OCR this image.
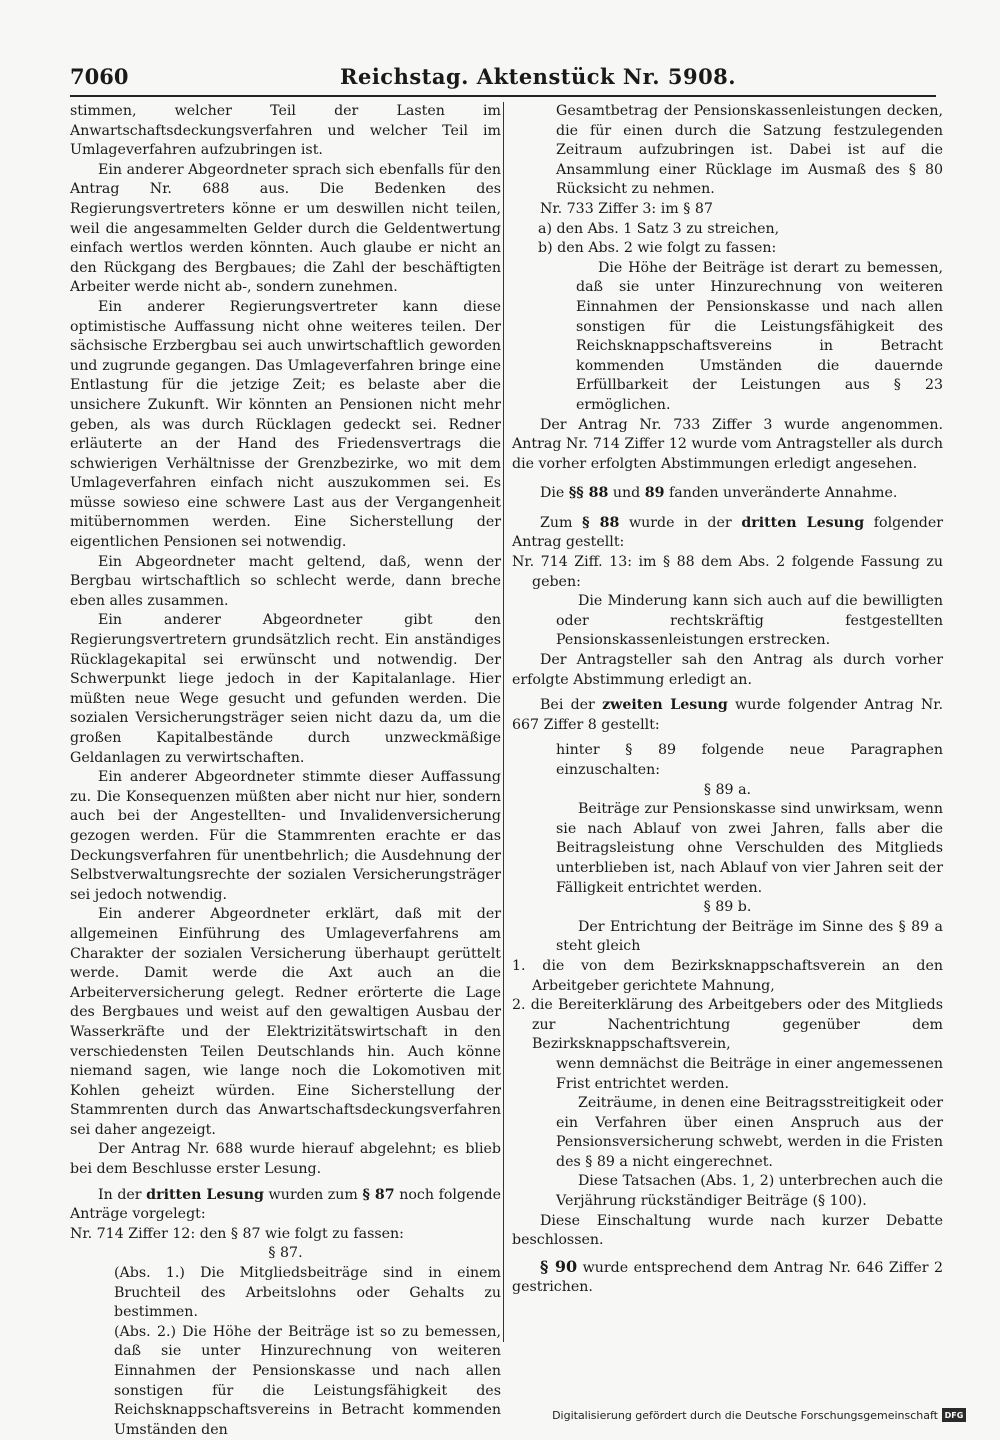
7060	Reichstag. Aktenstück Nr. 5908.

stimmen, welcher Teil der Lasten im Anwartschaftsdeckungsverfahren und welcher Teil im Umlageverfahren aufzubringen ist.

Ein anderer Abgeordneter sprach sich ebenfalls für den Antrag Nr. 688 aus. Die Bedenken des Regierungsvertreters könne er um deswillen nicht teilen, weil die angesammelten Gelder durch die Geldentwertung einfach wertlos werden könnten. Auch glaube er nicht an den Rückgang des Bergbaues; die Zahl der beschäftigten Arbeiter werde nicht ab-, sondern zunehmen.

Ein anderer Regierungsvertreter kann diese optimistische Auffassung nicht ohne weiteres teilen. Der sächsische Erzbergbau sei auch unwirtschaftlich geworden und zugrunde gegangen. Das Umlageverfahren bringe eine Entlastung für die jetzige Zeit; es belaste aber die unsichere Zukunft. Wir könnten an Pensionen nicht mehr geben, als was durch Rücklagen gedeckt sei. Redner erläuterte an der Hand des Friedensvertrags die schwierigen Verhältnisse der Grenzbezirke, wo mit dem Umlageverfahren einfach nicht auszukommen sei. Es müsse sowieso eine schwere Last aus der Vergangenheit mitübernommen werden. Eine Sicherstellung der eigentlichen Pensionen sei notwendig.

Ein Abgeordneter macht geltend, daß, wenn der Bergbau wirtschaftlich so schlecht werde, dann breche eben alles zusammen.

Ein anderer Abgeordneter gibt den Regierungsvertretern grundsätzlich recht. Ein anständiges Rücklagekapital sei erwünscht und notwendig. Der Schwerpunkt liege jedoch in der Kapitalanlage. Hier müßten neue Wege gesucht und gefunden werden. Die sozialen Versicherungsträger seien nicht dazu da, um die großen Kapitalbestände durch unzweckmäßige Geldanlagen zu verwirtschaften.

Ein anderer Abgeordneter stimmte dieser Auffassung zu. Die Konsequenzen müßten aber nicht nur hier, sondern auch bei der Angestellten- und Invalidenversicherung gezogen werden. Für die Stammrenten erachte er das Deckungsverfahren für unentbehrlich; die Ausdehnung der Selbstverwaltungsrechte der sozialen Versicherungsträger sei jedoch notwendig.

Ein anderer Abgeordneter erklärt, daß mit der allgemeinen Einführung des Umlageverfahrens am Charakter der sozialen Versicherung überhaupt gerüttelt werde. Damit werde die Axt auch an die Arbeiterversicherung gelegt. Redner erörterte die Lage des Bergbaues und weist auf den gewaltigen Ausbau der Wasserkräfte und der Elektrizitätswirtschaft in den verschiedensten Teilen Deutschlands hin. Auch könne niemand sagen, wie lange noch die Lokomotiven mit Kohlen geheizt würden. Eine Sicherstellung der Stammrenten durch das Anwartschaftsdeckungsverfahren sei daher angezeigt.

Der Antrag Nr. 688 wurde hierauf abgelehnt; es blieb bei dem Beschlusse erster Lesung.

In der dritten Lesung wurden zum § 87 noch folgende Anträge vorgelegt:

Nr. 714 Ziffer 12: den § 87 wie folgt zu fassen:

§ 87.

(Abs. 1.) Die Mitgliedsbeiträge sind in einem Bruchteil des Arbeitslohns oder Gehalts zu bestimmen.

(Abs. 2.) Die Höhe der Beiträge ist so zu bemessen, daß sie unter Hinzurechnung von weiteren Einnahmen der Pensionskasse und nach allen sonstigen für die Leistungsfähigkeit des Reichsknappschaftsvereins in Betracht kommenden Umständen den

Gesamtbetrag der Pensionskassenleistungen decken, die für einen durch die Satzung festzulegenden Zeitraum aufzubringen ist. Dabei ist auf die Ansammlung einer Rücklage im Ausmaß des § 80 Rücksicht zu nehmen.

Nr. 733 Ziffer 3: im § 87

a) den Abs. 1 Satz 3 zu streichen,

b) den Abs. 2 wie folgt zu fassen:

Die Höhe der Beiträge ist derart zu bemessen, daß sie unter Hinzurechnung von weiteren Einnahmen der Pensionskasse und nach allen sonstigen für die Leistungsfähigkeit des Reichsknappschaftsvereins in Betracht kommenden Umständen die dauernde Erfüllbarkeit der Leistungen aus § 23 ermöglichen.

Der Antrag Nr. 733 Ziffer 3 wurde angenommen. Antrag Nr. 714 Ziffer 12 wurde vom Antragsteller als durch die vorher erfolgten Abstimmungen erledigt angesehen.

Die §§ 88 und 89 fanden unveränderte Annahme.

Zum § 88 wurde in der dritten Lesung folgender Antrag gestellt:

Nr. 714 Ziff. 13: im § 88 dem Abs. 2 folgende Fassung zu geben:

Die Minderung kann sich auch auf die bewilligten oder rechtskräftig festgestellten Pensionskassenleistungen erstrecken.

Der Antragsteller sah den Antrag als durch vorher erfolgte Abstimmung erledigt an.

Bei der zweiten Lesung wurde folgender Antrag Nr. 667 Ziffer 8 gestellt:

hinter § 89 folgende neue Paragraphen einzuschalten:

§ 89 a.

Beiträge zur Pensionskasse sind unwirksam, wenn sie nach Ablauf von zwei Jahren, falls aber die Beitragsleistung ohne Verschulden des Mitglieds unterblieben ist, nach Ablauf von vier Jahren seit der Fälligkeit entrichtet werden.

§ 89 b.

Der Entrichtung der Beiträge im Sinne des § 89 a steht gleich

1. die von dem Bezirksknappschaftsverein an den Arbeitgeber gerichtete Mahnung,

2. die Bereiterklärung des Arbeitgebers oder des Mitglieds zur Nachentrichtung gegenüber dem Bezirksknappschaftsverein,

wenn demnächst die Beiträge in einer angemessenen Frist entrichtet werden.

Zeiträume, in denen eine Beitragsstreitigkeit oder ein Verfahren über einen Anspruch aus der Pensionsversicherung schwebt, werden in die Fristen des § 89 a nicht eingerechnet.

Diese Tatsachen (Abs. 1, 2) unterbrechen auch die Verjährung rückständiger Beiträge (§ 100).

Diese Einschaltung wurde nach kurzer Debatte beschlossen.

§ 90 wurde entsprechend dem Antrag Nr. 646 Ziffer 2 gestrichen.

Digitalisierung gefördert durch die Deutsche Forschungsgemeinschaft DFG
